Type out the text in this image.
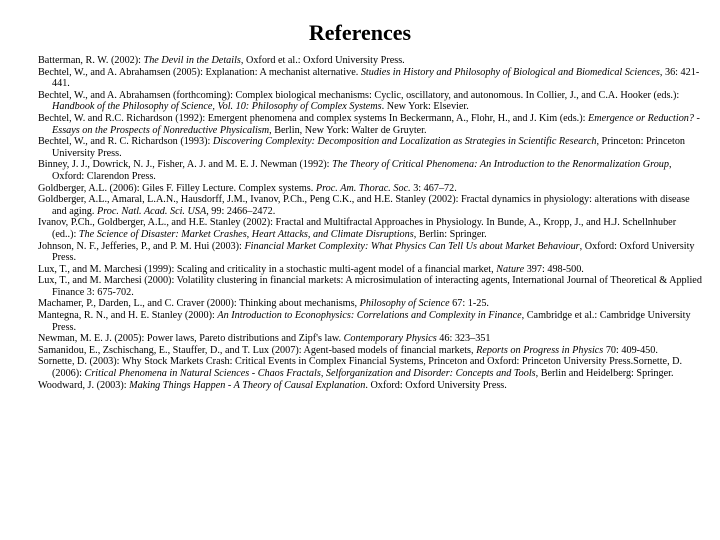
References
Batterman, R. W. (2002): The Devil in the Details, Oxford et al.: Oxford University Press.
Bechtel, W., and A. Abrahamsen (2005): Explanation: A mechanist alternative. Studies in History and Philosophy of Biological and Biomedical Sciences, 36: 421-441.
Bechtel, W., and A. Abrahamsen (forthcoming): Complex biological mechanisms: Cyclic, oscillatory, and autonomous. In Collier, J., and C.A. Hooker (eds.): Handbook of the Philosophy of Science, Vol. 10: Philosophy of Complex Systems. New York: Elsevier.
Bechtel, W. and R.C. Richardson (1992): Emergent phenomena and complex systems In Beckermann, A., Flohr, H., and J. Kim (eds.): Emergence or Reduction? - Essays on the Prospects of Nonreductive Physicalism, Berlin, New York: Walter de Gruyter.
Bechtel, W., and R. C. Richardson (1993): Discovering Complexity: Decomposition and Localization as Strategies in Scientific Research, Princeton: Princeton University Press.
Binney, J. J., Dowrick, N. J., Fisher, A. J. and M. E. J. Newman (1992): The Theory of Critical Phenomena: An Introduction to the Renormalization Group, Oxford: Clarendon Press.
Goldberger, A.L. (2006): Giles F. Filley Lecture. Complex systems. Proc. Am. Thorac. Soc. 3: 467–72.
Goldberger, A.L., Amaral, L.A.N., Hausdorff, J.M., Ivanov, P.Ch., Peng C.K., and H.E. Stanley (2002): Fractal dynamics in physiology: alterations with disease and aging. Proc. Natl. Acad. Sci. USA, 99: 2466–2472.
Ivanov, P.Ch., Goldberger, A.L., and H.E. Stanley (2002): Fractal and Multifractal Approaches in Physiology. In Bunde, A., Kropp, J., and H.J. Schellnhuber (ed..): The Science of Disaster: Market Crashes, Heart Attacks, and Climate Disruptions, Berlin: Springer.
Johnson, N. F., Jefferies, P., and P. M. Hui (2003): Financial Market Complexity: What Physics Can Tell Us about Market Behaviour, Oxford: Oxford University Press.
Lux, T., and M. Marchesi (1999): Scaling and criticality in a stochastic multi-agent model of a financial market, Nature 397: 498-500.
Lux, T., and M. Marchesi (2000): Volatility clustering in financial markets: A microsimulation of interacting agents, International Journal of Theoretical & Applied Finance 3: 675-702.
Machamer, P., Darden, L., and C. Craver (2000): Thinking about mechanisms, Philosophy of Science 67: 1-25.
Mantegna, R. N., and H. E. Stanley (2000): An Introduction to Econophysics: Correlations and Complexity in Finance, Cambridge et al.: Cambridge University Press.
Newman, M. E. J. (2005): Power laws, Pareto distributions and Zipf's law. Contemporary Physics 46: 323–351
Samanidou, E., Zschischang, E., Stauffer, D., and T. Lux (2007): Agent-based models of financial markets, Reports on Progress in Physics 70: 409-450.
Sornette, D. (2003): Why Stock Markets Crash: Critical Events in Complex Financial Systems, Princeton and Oxford: Princeton University Press.Sornette, D. (2006): Critical Phenomena in Natural Sciences - Chaos Fractals, Selforganization and Disorder: Concepts and Tools, Berlin and Heidelberg: Springer.
Woodward, J. (2003): Making Things Happen - A Theory of Causal Explanation. Oxford: Oxford University Press.
